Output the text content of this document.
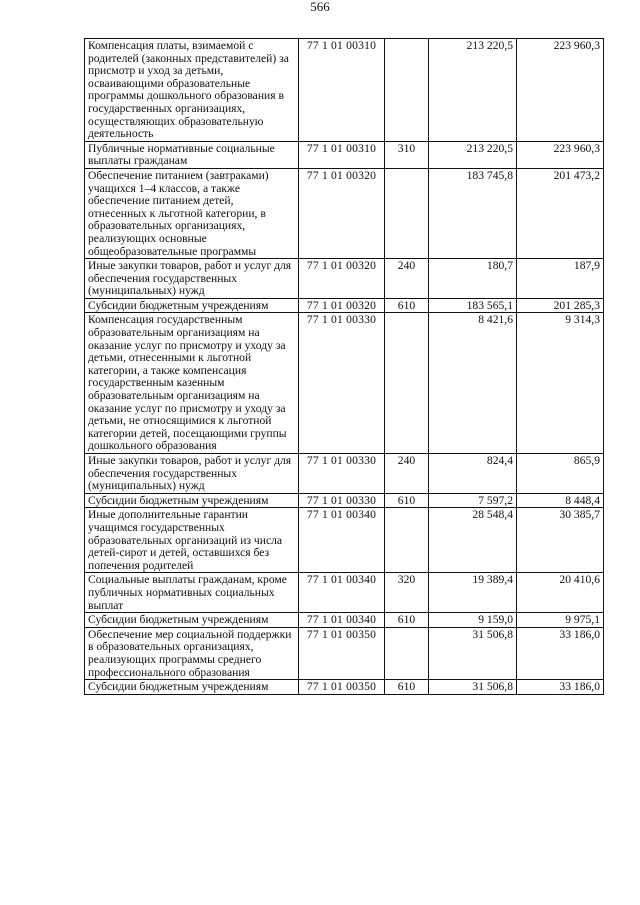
566
Компенсация платы, взимаемой с родителей (законных представителей) за присмотр и уход за детьми, осваивающими образовательные программы дошкольного образования в государственных организациях, осуществляющих образовательную деятельность	77 1 01 00310		213 220,5	223 960,3
Публичные нормативные социальные выплаты гражданам	77 1 01 00310	310	213 220,5	223 960,3
Обеспечение питанием (завтраками) учащихся 1–4 классов, а также обеспечение питанием детей, отнесенных к льготной категории, в образовательных организациях, реализующих основные общеобразовательные программы	77 1 01 00320		183 745,8	201 473,2
Иные закупки товаров, работ и услуг для обеспечения государственных (муниципальных) нужд	77 1 01 00320	240	180,7	187,9
Субсидии бюджетным учреждениям	77 1 01 00320	610	183 565,1	201 285,3
Компенсация государственным образовательным организациям на оказание услуг по присмотру и уходу за детьми, отнесенными к льготной категории, а также компенсация государственным казенным образовательным организациям на оказание услуг по присмотру и уходу за детьми, не относящимися к льготной категории детей, посещающими группы дошкольного образования	77 1 01 00330		8 421,6	9 314,3
Иные закупки товаров, работ и услуг для обеспечения государственных (муниципальных) нужд	77 1 01 00330	240	824,4	865,9
Субсидии бюджетным учреждениям	77 1 01 00330	610	7 597,2	8 448,4
Иные дополнительные гарантии учащимся государственных образовательных организаций из числа детей-сирот и детей, оставшихся без попечения родителей	77 1 01 00340		28 548,4	30 385,7
Социальные выплаты гражданам, кроме публичных нормативных социальных выплат	77 1 01 00340	320	19 389,4	20 410,6
Субсидии бюджетным учреждениям	77 1 01 00340	610	9 159,0	9 975,1
Обеспечение мер социальной поддержки в образовательных организациях, реализующих программы среднего профессионального образования	77 1 01 00350		31 506,8	33 186,0
Субсидии бюджетным учреждениям	77 1 01 00350	610	31 506,8	33 186,0
